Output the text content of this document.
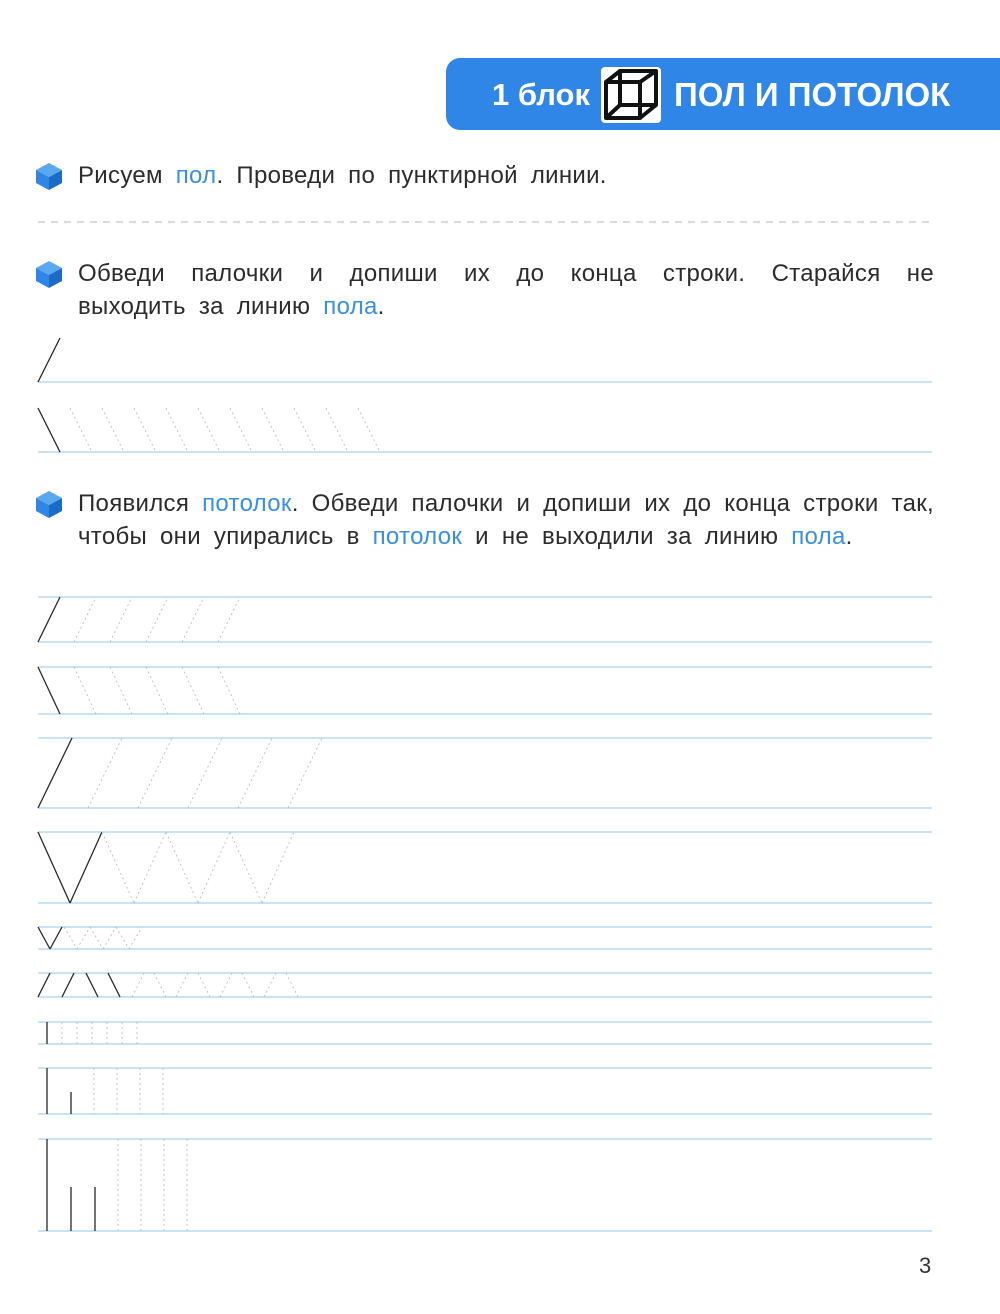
1 блок	ПОЛ И ПОТОЛОК

Рисуем пол. Проведи по пунктирной линии.

Обведи палочки и допиши их до конца строки. Старайся не выходить за линию пола.

Появился потолок. Обведи палочки и допиши их до конца строки так, чтобы они упирались в потолок и не выходили за линию пола.

3
